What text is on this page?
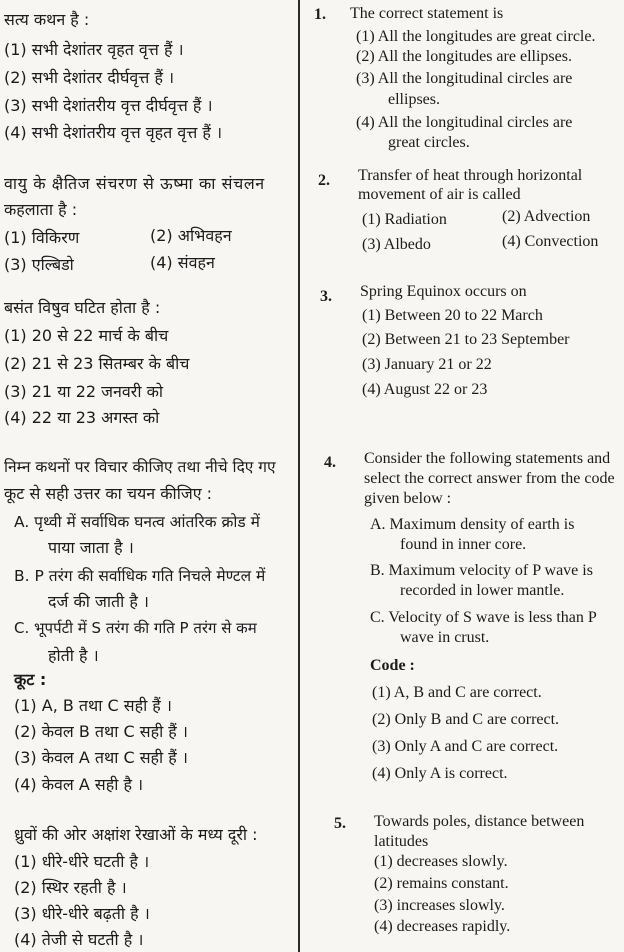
सत्य कथन है :
(1) सभी देशांतर वृहत वृत्त हैं ।
(2) सभी देशांतर दीर्घवृत्त हैं ।
(3) सभी देशांतरीय वृत्त दीर्घवृत्त हैं ।
(4) सभी देशांतरीय वृत्त वृहत वृत्त हैं ।
वायु के क्षैतिज संचरण से ऊष्मा का संचलन
कहलाता है :
(1) विकिरण	(2) अभिवहन
(3) एल्बिडो	(4) संवहन
बसंत विषुव घटित होता है :
(1) 20 से 22 मार्च के बीच
(2) 21 से 23 सितम्बर के बीच
(3) 21 या 22 जनवरी को
(4) 22 या 23 अगस्त को
निम्न कथनों पर विचार कीजिए तथा नीचे दिए गए
कूट से सही उत्तर का चयन कीजिए :
A. पृथ्वी में सर्वाधिक घनत्व आंतरिक क्रोड में
पाया जाता है ।
B. P तरंग की सर्वाधिक गति निचले मेण्टल में
दर्ज की जाती है ।
C. भूपर्पटी में S तरंग की गति P तरंग से कम
होती है ।
कूट :
(1) A, B तथा C सही हैं ।
(2) केवल B तथा C सही हैं ।
(3) केवल A तथा C सही हैं ।
(4) केवल A सही है ।
ध्रुवों की ओर अक्षांश रेखाओं के मध्य दूरी :
(1) धीरे-धीरे घटती है ।
(2) स्थिर रहती है ।
(3) धीरे-धीरे बढ़ती है ।
(4) तेजी से घटती है ।
1. The correct statement is
(1) All the longitudes are great circle.
(2) All the longitudes are ellipses.
(3) All the longitudinal circles are
ellipses.
(4) All the longitudinal circles are
great circles.
2. Transfer of heat through horizontal
movement of air is called
(1) Radiation	(2) Advection
(3) Albedo	(4) Convection
3. Spring Equinox occurs on
(1) Between 20 to 22 March
(2) Between 21 to 23 September
(3) January 21 or 22
(4) August 22 or 23
4. Consider the following statements and
select the correct answer from the code
given below :
A. Maximum density of earth is
found in inner core.
B. Maximum velocity of P wave is
recorded in lower mantle.
C. Velocity of S wave is less than P
wave in crust.
Code :
(1) A, B and C are correct.
(2) Only B and C are correct.
(3) Only A and C are correct.
(4) Only A is correct.
5. Towards poles, distance between
latitudes
(1) decreases slowly.
(2) remains constant.
(3) increases slowly.
(4) decreases rapidly.
